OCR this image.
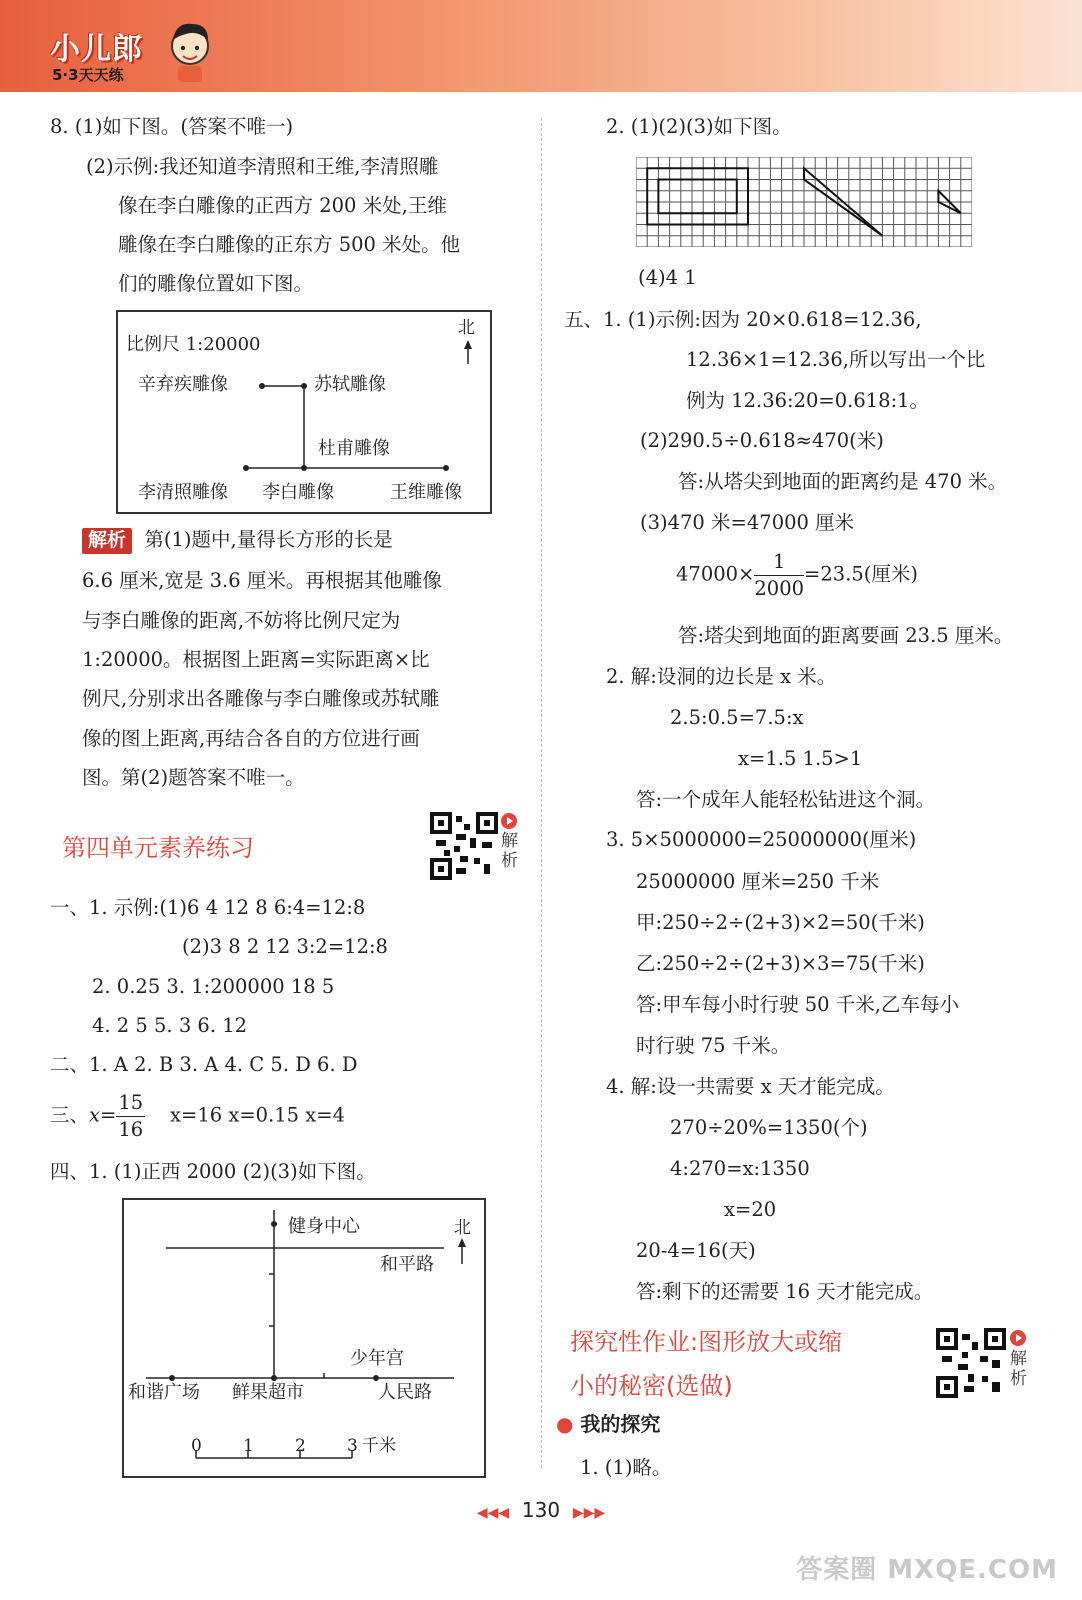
小儿郎
5·3天天练
8. (1)如下图。(答案不唯一)
(2)示例:我还知道李清照和王维,李清照雕
像在李白雕像的正西方 200 米处,王维
雕像在李白雕像的正东方 500 米处。他
们的雕像位置如下图。
比例尺 1:20000
北
辛弃疾雕像	苏轼雕像
杜甫雕像
李清照雕像 李白雕像	王维雕像
解析 第(1)题中,量得长方形的长是
6.6 厘米,宽是 3.6 厘米。再根据其他雕像
与李白雕像的距离,不妨将比例尺定为
1:20000。根据图上距离=实际距离×比
例尺,分别求出各雕像与李白雕像或苏轼雕
像的图上距离,再结合各自的方位进行画
图。第(2)题答案不唯一。
第四单元素养练习	解析
一、1. 示例:(1)6 4 12 8 6:4=12:8
(2)3 8 2 12 3:2=12:8
2. 0.25 3. 1:200000 18 5
4. 2 5 5. 3 6. 12
二、1. A 2. B 3. A 4. C 5. D 6. D
三、$x= \frac{15}{16} x=16$ x=0.15 x=4
四、1. (1)正西 2000 (2)(3)如下图。
健身中心	北
和平路
少年宫
和谐广场 鲜果超市	人民路
0 1 2 3 千米
2. (1)(2)(3)如下图。
(4)4 1
五、1. (1)示例:因为 20×0.618=12.36,
12.36×1=12.36,所以写出一个比
例为 12.36:20=0.618:1。
(2)290.5÷0.618≈470(米)
答:从塔尖到地面的距离约是 470 米。
(3)470 米=47000 厘米
$47000\times \frac{1}{2000} =23.5$(厘米)
答:塔尖到地面的距离要画 23.5 厘米。
2. 解:设洞的边长是 x 米。
2.5:0.5=7.5:x
x=1.5 1.5>1
答:一个成年人能轻松钻进这个洞。
3. 5×5000000=25000000(厘米)
25000000 厘米=250 千米
甲:250÷2÷(2+3)×2=50(千米)
乙:250÷2÷(2+3)×3=75(千米)
答:甲车每小时行驶 50 千米,乙车每小
时行驶 75 千米。
4. 解:设一共需要 x 天才能完成。
270÷20%=1350(个)
4:270=x:1350
x=20
20-4=16(天)
答:剩下的还需要 16 天才能完成。
探究性作业:图形放大或缩
小的秘密(选做)
解析
● 我的探究
1. (1)略。
◀◀◀ 130 ▶▶▶
答案圈 MXQE.COM
